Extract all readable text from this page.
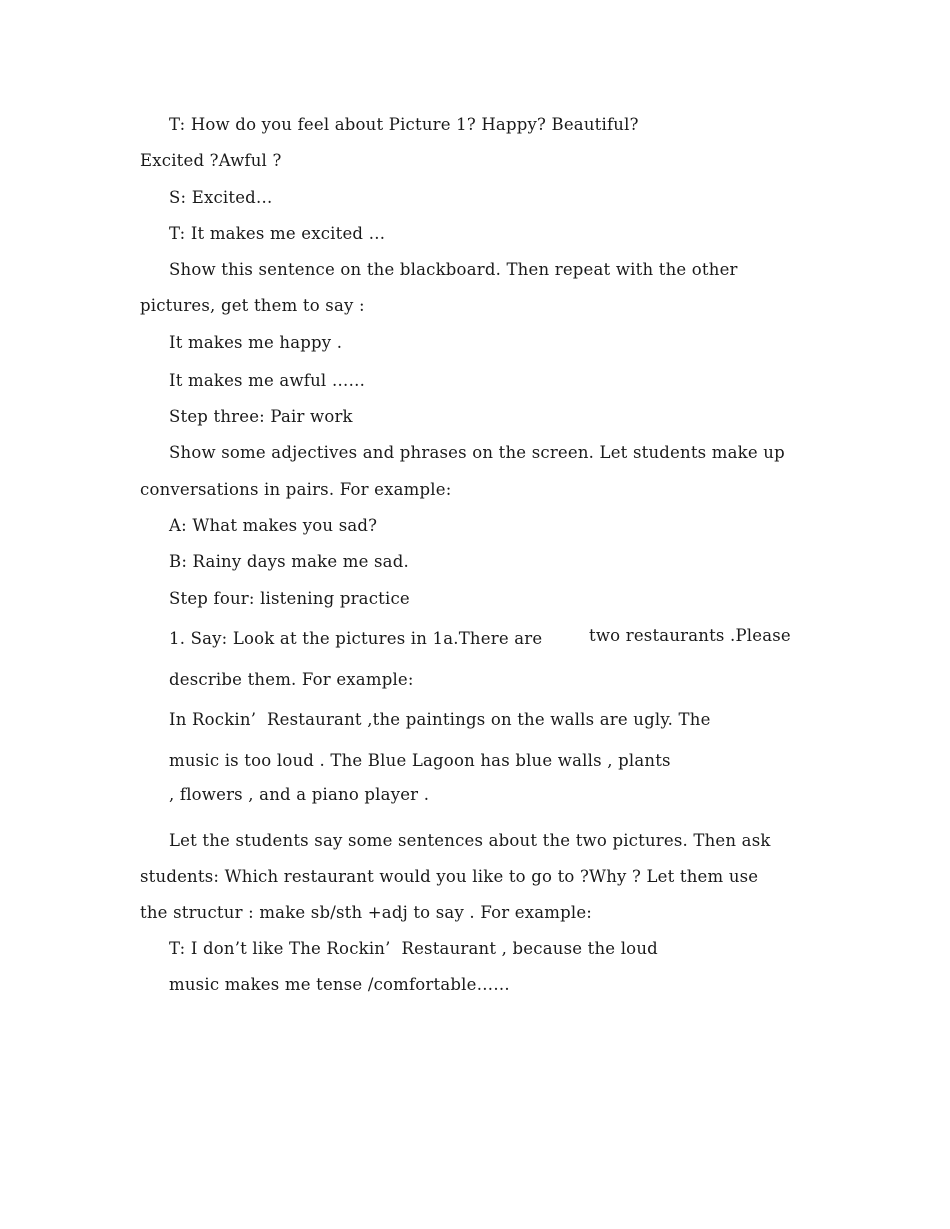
T: How do you feel about Picture 1? Happy? Beautiful?
Excited ?Awful ?
S: Excited…
T: It makes me excited …
Show this sentence on the blackboard. Then repeat with the other
pictures, get them to say :
It makes me happy .
It makes me awful ……
Step three: Pair work
Show some adjectives and phrases on the screen. Let students make up
conversations in pairs. For example:
A: What makes you sad?
B: Rainy days make me sad.
Step four: listening practice
1. Say: Look at the pictures in 1a.There are	two restaurants .Please
describe them. For example:
In Rockin’  Restaurant ,the paintings on the walls are ugly. The
music is too loud . The Blue Lagoon has blue walls , plants
, flowers , and a piano player .
Let the students say some sentences about the two pictures. Then ask
students: Which restaurant would you like to go to ?Why ? Let them use
the structur : make sb/sth +adj to say . For example:
T: I don’t like The Rockin’  Restaurant , because the loud
music makes me tense /comfortable……
